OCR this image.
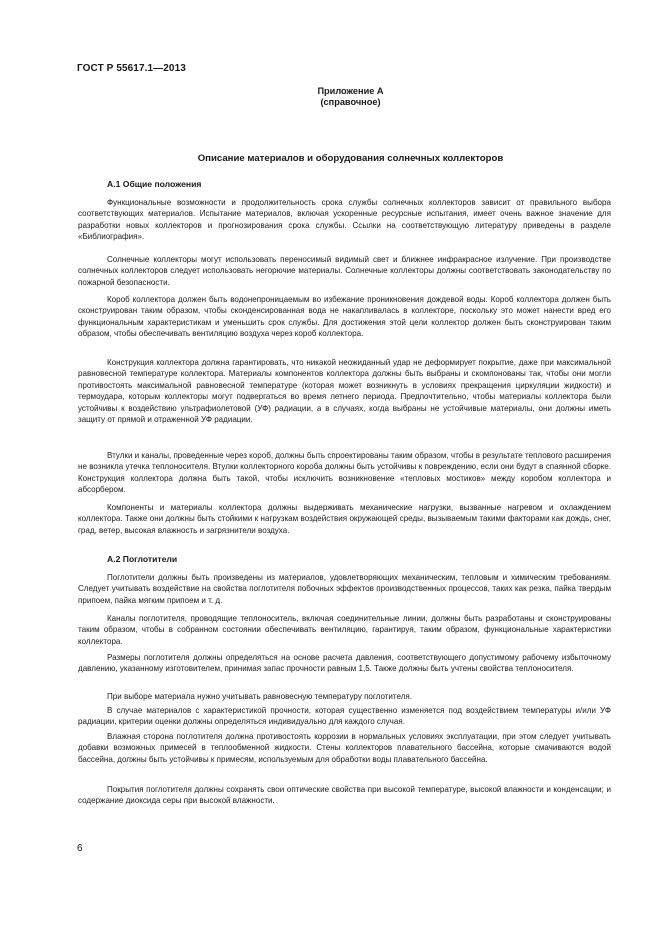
ГОСТ Р 55617.1—2013
Приложение А
(справочное)
Описание материалов и оборудования солнечных коллекторов
А.1 Общие положения

Функциональные возможности и продолжительность срока службы солнечных коллекторов зависит от правильного выбора соответствующих материалов. Испытание материалов, включая ускоренные ресурсные испытания, имеет очень важное значение для разработки новых коллекторов и прогнозирования срока службы. Ссылки на соответствующую литературу приведены в разделе «Библиография».

Солнечные коллекторы могут использовать переносимый видимый свет и ближнее инфракрасное излучение. При производстве солнечных коллекторов следует использовать негорючие материалы. Солнечные коллекторы должны соответствовать законодательству по пожарной безопасности.

Короб коллектора должен быть водонепроницаемым во избежание проникновения дождевой воды. Короб коллектора должен быть сконструирован таким образом, чтобы сконденсированная вода не накапливалась в коллекторе, поскольку это может нанести вред его функциональным характеристикам и уменьшить срок службы. Для достижения этой цели коллектор должен быть сконструирован таким образом, чтобы обеспечивать вентиляцию воздуха через короб коллектора.

Конструкция коллектора должна гарантировать, что никакой неожиданный удар не деформирует покрытие, даже при максимальной равновесной температуре коллектора. Материалы компонентов коллектора должны быть выбраны и скомпонованы так, чтобы они могли противостоять максимальной равновесной температуре (которая может возникнуть в условиях прекращения циркуляции жидкости) и термоудара, которым коллекторы могут подвергаться во время летнего периода. Предпочтительно, чтобы материалы коллектора были устойчивы к воздействию ультрафиолетовой (УФ) радиации, а в случаях, когда выбраны не устойчивые материалы, они должны иметь защиту от прямой и отраженной УФ радиации.

Втулки и каналы, проведенные через короб, должны быть спроектированы таким образом, чтобы в результате теплового расширения не возникла утечка теплоносителя. Втулки коллекторного короба должны быть устойчивы к повреждению, если они будут в спаянной сборке. Конструкция коллектора должна быть такой, чтобы исключить возникновение «тепловых мостиков» между коробом коллектора и абсорбером.

Компоненты и материалы коллектора должны выдерживать механические нагрузки, вызванные нагревом и охлаждением коллектора. Также они должны быть стойкими к нагрузкам воздействия окружающей среды, вызываемым такими факторами как дождь, снег, град, ветер, высокая влажность и загрязнители воздуха.

А.2 Поглотители

Поглотители должны быть произведены из материалов, удовлетворяющих механическим, тепловым и химическим требованиям. Следует учитывать воздействие на свойства поглотителя побочных эффектов производственных процессов, таких как резка, пайка твердым припоем, пайка мягким припоем и т. д.

Каналы поглотителя, проводящие теплоноситель, включая соединительные линии, должны быть разработаны и сконструированы таким образом, чтобы в собранном состоянии обеспечивать вентиляцию, гарантируя, таким образом, функциональные характеристики коллектора.

Размеры поглотителя должны определяться на основе расчета давления, соответствующего допустимому рабочему избыточному давлению, указанному изготовителем, принимая запас прочности равным 1,5. Также должны быть учтены свойства теплоносителя.

При выборе материала нужно учитывать равновесную температуру поглотителя.

В случае материалов с характеристикой прочности, которая существенно изменяется под воздействием температуры и/или УФ радиации, критерии оценки должны определяться индивидуально для каждого случая.

Влажная сторона поглотителя должна противостоять коррозии в нормальных условиях эксплуатации, при этом следует учитывать добавки возможных примесей в теплообменной жидкости. Стены коллекторов плавательного бассейна, которые смачиваются водой бассейна, должны быть устойчивы к примесям, используемым для обработки воды плавательного бассейна.

Покрытия поглотителя должны сохранять свои оптические свойства при высокой температуре, высокой влажности и конденсации; и содержание диоксида серы при высокой влажности.

6
